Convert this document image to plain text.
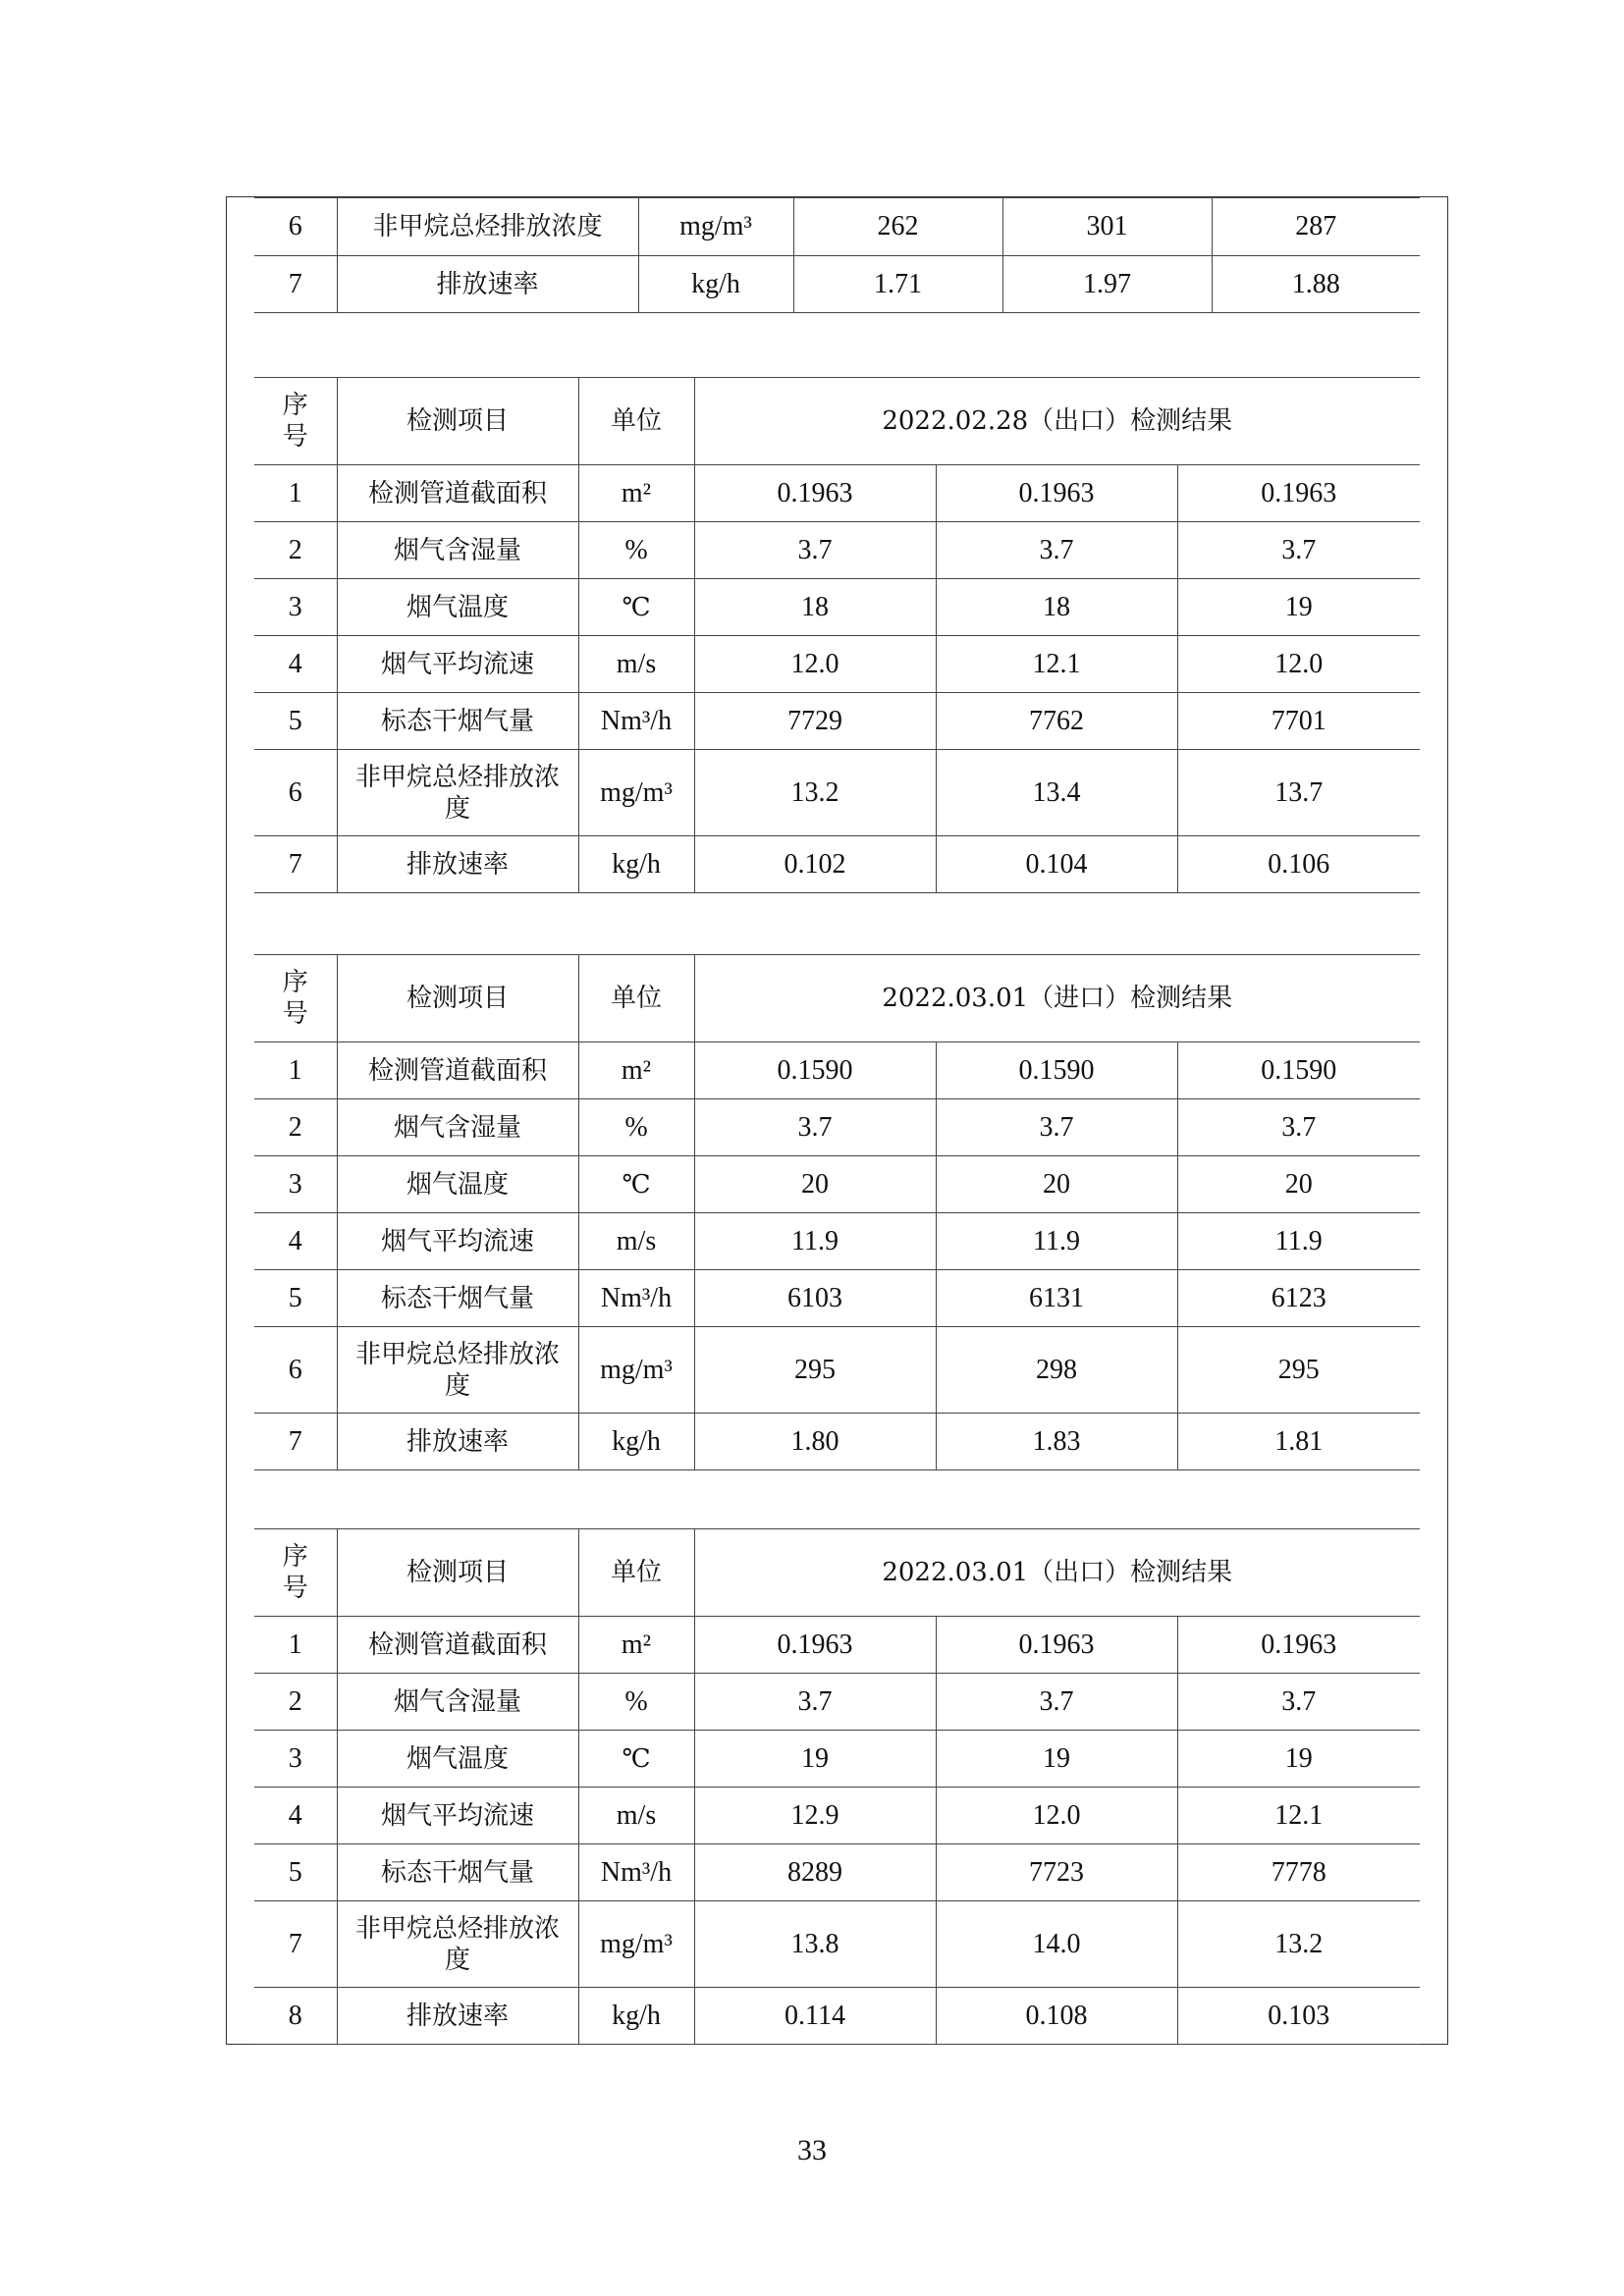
6	非甲烷总烃排放浓度	mg/m³	262	301	287
7	排放速率	kg/h	1.71	1.97	1.88
序号	检测项目	单位	2022.02.28（出口）检测结果		
1	检测管道截面积	m²	0.1963	0.1963	0.1963
2	烟气含湿量	%	3.7	3.7	3.7
3	烟气温度	℃	18	18	19
4	烟气平均流速	m/s	12.0	12.1	12.0
5	标态干烟气量	Nm³/h	7729	7762	7701
6	非甲烷总烃排放浓度	mg/m³	13.2	13.4	13.7
7	排放速率	kg/h	0.102	0.104	0.106
序号	检测项目	单位	2022.03.01（进口）检测结果		
1	检测管道截面积	m²	0.1590	0.1590	0.1590
2	烟气含湿量	%	3.7	3.7	3.7
3	烟气温度	℃	20	20	20
4	烟气平均流速	m/s	11.9	11.9	11.9
5	标态干烟气量	Nm³/h	6103	6131	6123
6	非甲烷总烃排放浓度	mg/m³	295	298	295
7	排放速率	kg/h	1.80	1.83	1.81
序号	检测项目	单位	2022.03.01（出口）检测结果		
1	检测管道截面积	m²	0.1963	0.1963	0.1963
2	烟气含湿量	%	3.7	3.7	3.7
3	烟气温度	℃	19	19	19
4	烟气平均流速	m/s	12.9	12.0	12.1
5	标态干烟气量	Nm³/h	8289	7723	7778
7	非甲烷总烃排放浓度	mg/m³	13.8	14.0	13.2
8	排放速率	kg/h	0.114	0.108	0.103
33
